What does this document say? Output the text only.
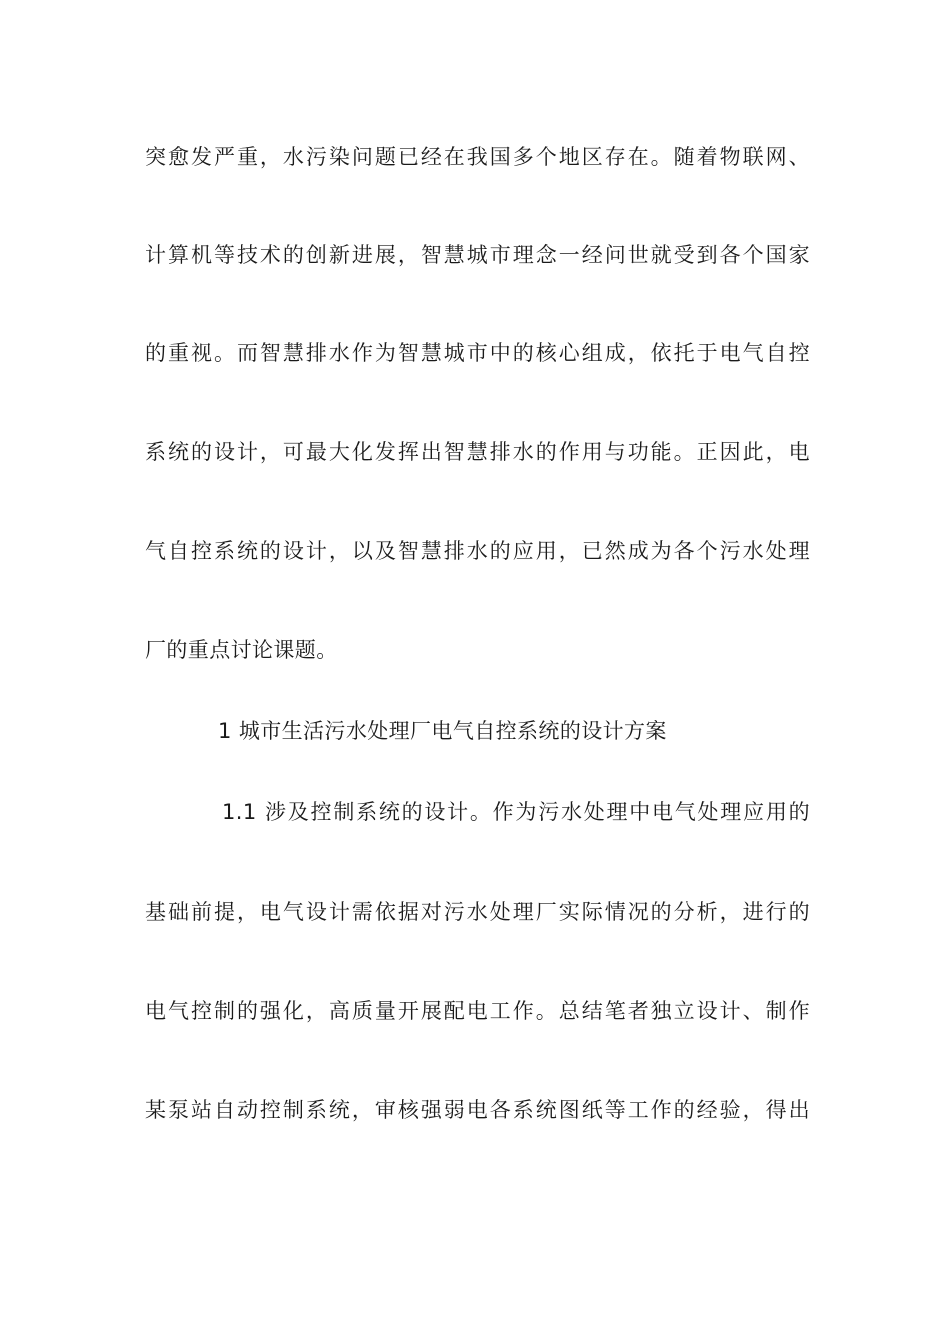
突愈发严重，水污染问题已经在我国多个地区存在。随着物联网、
计算机等技术的创新进展，智慧城市理念一经问世就受到各个国家
的重视。而智慧排水作为智慧城市中的核心组成，依托于电气自控
系统的设计，可最大化发挥出智慧排水的作用与功能。正因此，电
气自控系统的设计，以及智慧排水的应用，已然成为各个污水处理
厂的重点讨论课题。
1 城市生活污水处理厂电气自控系统的设计方案
1.1 涉及控制系统的设计。作为污水处理中电气处理应用的
基础前提，电气设计需依据对污水处理厂实际情况的分析，进行的
电气控制的强化，高质量开展配电工作。总结笔者独立设计、制作
某泵站自动控制系统，审核强弱电各系统图纸等工作的经验，得出
